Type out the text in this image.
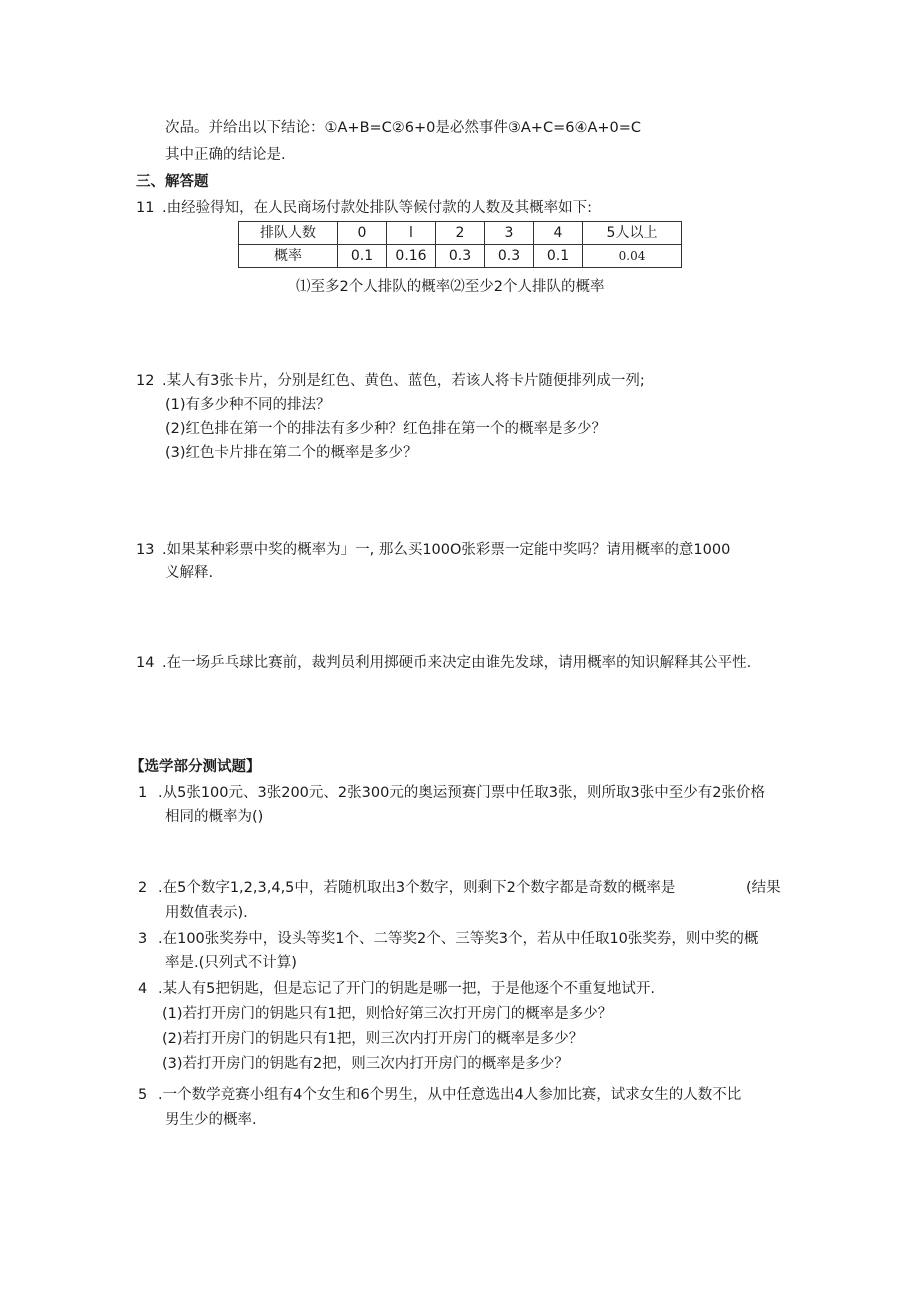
次品。并给出以下结论：①A+B=C②6+0是必然事件③A+C=6④A+0=C
其中正确的结论是.
三、解答题
11 .由经验得知，在人民商场付款处排队等候付款的人数及其概率如下:
排队人数	0	l	2	3	4	5人以上
概率	0.1	0.16	0.3	0.3	0.1	0.04
⑴至多2个人排队的概率⑵至少2个人排队的概率
12 .某人有3张卡片，分别是红色、黄色、蓝色，若该人将卡片随便排列成一列;
(1)有多少种不同的排法？
(2)红色排在第一个的排法有多少种？红色排在第一个的概率是多少？
(3)红色卡片排在第二个的概率是多少？
13 .如果某种彩票中奖的概率为」一, 那么买100O张彩票一定能中奖吗？请用概率的意1000
义解释.
14 .在一场乒乓球比赛前，裁判员利用掷硬币来决定由谁先发球，请用概率的知识解释其公平性.
【选学部分测试题】
1 .从5张100元、3张200元、2张300元的奥运预赛门票中任取3张，则所取3张中至少有2张价格
相同的概率为()
2 .在5个数字1,2,3,4,5中，若随机取出3个数字，则剩下2个数字都是奇数的概率是	(结果
用数值表示).
3 .在100张奖券中，设头等奖1个、二等奖2个、三等奖3个，若从中任取10张奖券，则中奖的概
率是.(只列式不计算)
4 .某人有5把钥匙，但是忘记了开门的钥匙是哪一把，于是他逐个不重复地试开.
(1)若打开房门的钥匙只有1把，则恰好第三次打开房门的概率是多少？
(2)若打开房门的钥匙只有1把，则三次内打开房门的概率是多少？
(3)若打开房门的钥匙有2把，则三次内打开房门的概率是多少？
5 .一个数学竞赛小组有4个女生和6个男生，从中任意选出4人参加比赛，试求女生的人数不比
男生少的概率.
